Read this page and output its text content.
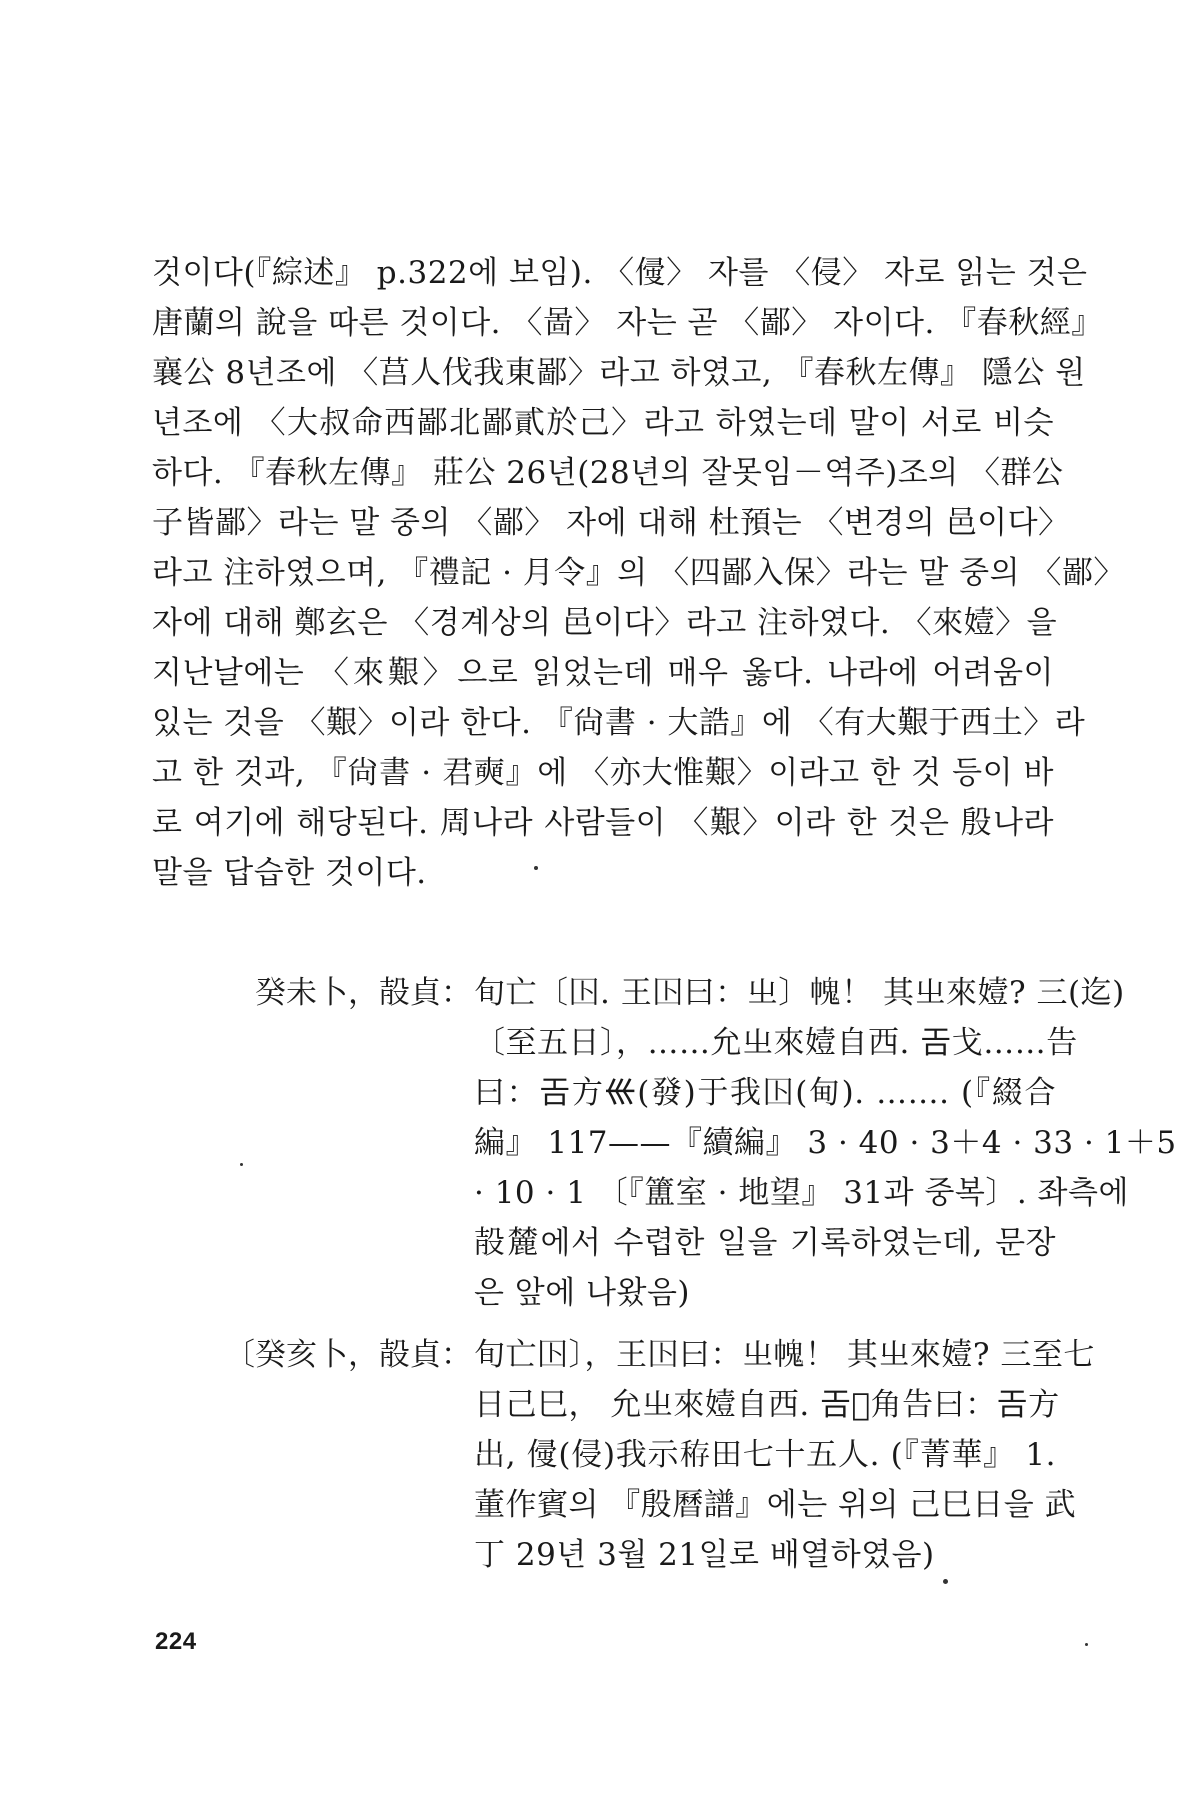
것이다(『綜述』 p.322에 보임). 〈㑴〉 자를 〈侵〉 자로 읽는 것은
唐蘭의 說을 따른 것이다. 〈啚〉 자는 곧 〈鄙〉 자이다. 『春秋經』
襄公 8년조에 〈莒人伐我東鄙〉라고 하였고, 『春秋左傳』 隱公 원
년조에 〈大叔命西鄙北鄙貳於己〉라고 하였는데 말이 서로 비슷
하다. 『春秋左傳』 莊公 26년(28년의 잘못임－역주)조의 〈群公
子皆鄙〉라는 말 중의 〈鄙〉 자에 대해 杜預는 〈변경의 邑이다〉
라고 注하였으며, 『禮記 · 月令』의 〈四鄙入保〉라는 말 중의 〈鄙〉
자에 대해 鄭玄은 〈경계상의 邑이다〉라고 注하였다. 〈來嬄〉을
지난날에는 〈來艱〉으로 읽었는데 매우 옳다. 나라에 어려움이
있는 것을 〈艱〉이라 한다. 『尙書 · 大誥』에 〈有大艱于西土〉라
고 한 것과, 『尙書 · 君奭』에 〈亦大惟艱〉이라고 한 것 등이 바
로 여기에 해당된다. 周나라 사람들이 〈艱〉이라 한 것은 殷나라
말을 답습한 것이다.
癸未卜，㱿貞： 旬亡〔𡆥. 王𡆥曰：㞢〕𢄊！ 其㞢來嬄? 三(迄)
〔至五日〕，……允㞢來嬄自西. 𢀛戈……告
曰：𢀛方𡿧(發)于我𡆥(甸). ……. (『綴合
編』 117——『續編』 3 · 40 · 3＋4 · 33 · 1＋5
· 10 · 1 〔『簠室 · 地望』 31과 중복〕. 좌측에
㱿麓에서 수렵한 일을 기록하였는데, 문장
은 앞에 나왔음)
〔癸亥卜，㱿貞： 旬亡𡆥〕，王𡆥曰：㞢𢄊！ 其㞢來嬄? 三至七
日己巳， 允㞢來嬄自西. 𢀛𡕥角告曰：𢀛方
出, 㑴(侵)我示𥞘田七十五人. (『菁華』 1.
董作賓의 『殷曆譜』에는 위의 己巳日을 武
丁 29년 3월 21일로 배열하였음)
224
